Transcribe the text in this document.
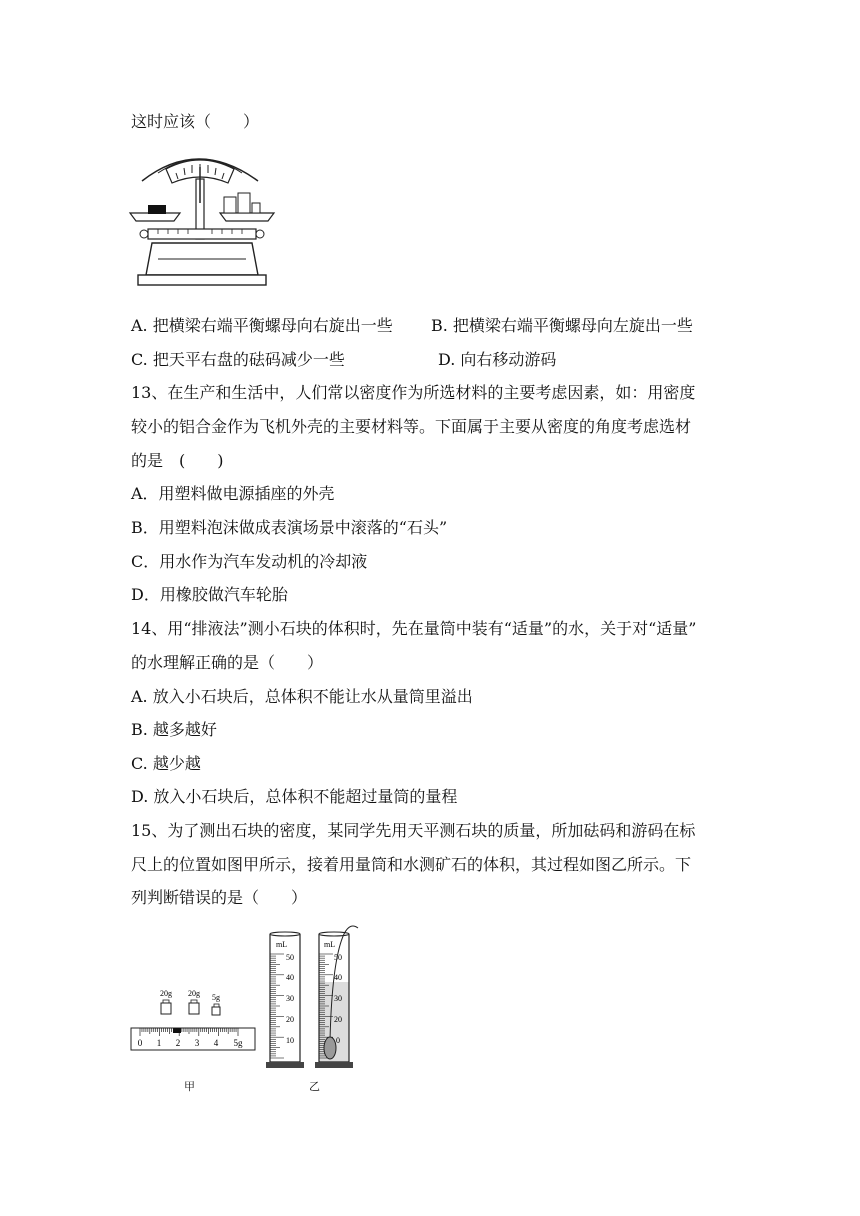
这时应该（　　）
A. 把横梁右端平衡螺母向右旋出一些 B. 把横梁右端平衡螺母向左旋出一些
C. 把天平右盘的砝码减少一些	D. 向右移动游码
13、在生产和生活中，人们常以密度作为所选材料的主要考虑因素，如：用密度
较小的铝合金作为飞机外壳的主要材料等。下面属于主要从密度的角度考虑选材
的是　(　　)
A．用塑料做电源插座的外壳
B．用塑料泡沫做成表演场景中滚落的“石头”
C．用水作为汽车发动机的冷却液
D．用橡胶做汽车轮胎
14、用“排液法”测小石块的体积时，先在量筒中装有“适量”的水，关于对“适量”
的水理解正确的是（　　）
A. 放入小石块后，总体积不能让水从量筒里溢出
B. 越多越好
C. 越少越
D. 放入小石块后，总体积不能超过量筒的量程
15、为了测出石块的密度，某同学先用天平测石块的质量，所加砝码和游码在标
尺上的位置如图甲所示，接着用量筒和水测矿石的体积，其过程如图乙所示。下
列判断错误的是（　　）
20g 20g 5g
0 1 2 3 4 5g
甲
mL
50
40
30
20
10
mL
50
40
30
20
0
乙
